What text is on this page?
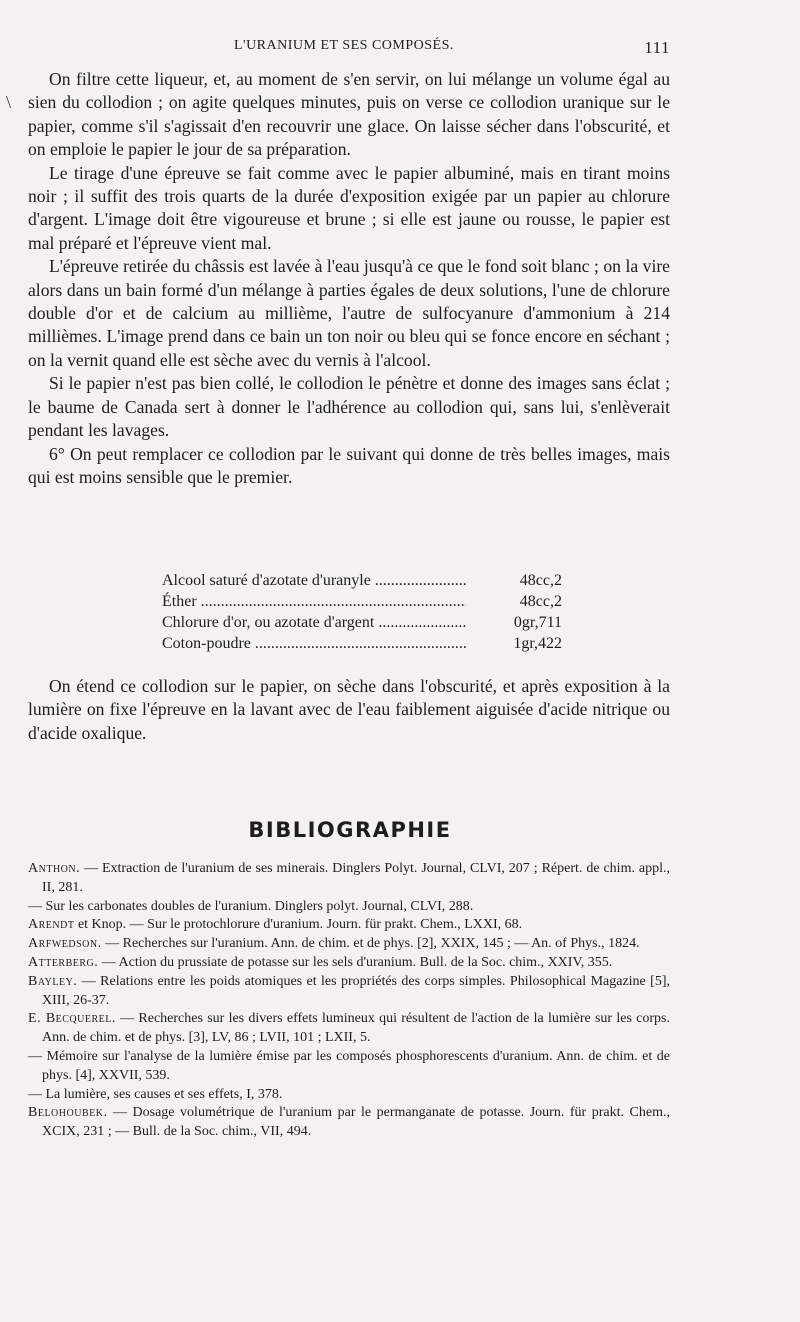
L'URANIUM ET SES COMPOSÉS.	111
\

On filtre cette liqueur, et, au moment de s'en servir, on lui mélange un volume égal au sien du collodion ; on agite quelques minutes, puis on verse ce collodion uranique sur le papier, comme s'il s'agissait d'en recouvrir une glace. On laisse sécher dans l'obscurité, et on emploie le papier le jour de sa préparation.

Le tirage d'une épreuve se fait comme avec le papier albuminé, mais en tirant moins noir ; il suffit des trois quarts de la durée d'exposition exigée par un papier au chlorure d'argent. L'image doit être vigoureuse et brune ; si elle est jaune ou rousse, le papier est mal préparé et l'épreuve vient mal.

L'épreuve retirée du châssis est lavée à l'eau jusqu'à ce que le fond soit blanc ; on la vire alors dans un bain formé d'un mélange à parties égales de deux solutions, l'une de chlorure double d'or et de calcium au millième, l'autre de sulfocyanure d'ammonium à 214 millièmes. L'image prend dans ce bain un ton noir ou bleu qui se fonce encore en séchant ; on la vernit quand elle est sèche avec du vernis à l'alcool.

Si le papier n'est pas bien collé, le collodion le pénètre et donne des images sans éclat ; le baume de Canada sert à donner le l'adhérence au collodion qui, sans lui, s'enlèverait pendant les lavages.

6° On peut remplacer ce collodion par le suivant qui donne de très belles images, mais qui est moins sensible que le premier.

Alcool saturé d'azotate d'uranyle .....	48cc,2
Éther .....	48cc,2
Chlorure d'or, ou azotate d'argent .....	0gr,711
Coton-poudre .....	1gr,422

On étend ce collodion sur le papier, on sèche dans l'obscurité, et après exposition à la lumière on fixe l'épreuve en la lavant avec de l'eau faiblement aiguisée d'acide nitrique ou d'acide oxalique.

BIBLIOGRAPHIE

Anthon. — Extraction de l'uranium de ses minerais. Dinglers Polyt. Journal, CLVI, 207 ; Répert. de chim. appl., II, 281.

— Sur les carbonates doubles de l'uranium. Dinglers polyt. Journal, CLVI, 288.

Arendt et Knop. — Sur le protochlorure d'uranium. Journ. für prakt. Chem., LXXI, 68.

Arfwedson. — Recherches sur l'uranium. Ann. de chim. et de phys. [2], XXIX, 145 ; — An. of Phys., 1824.

Atterberg. — Action du prussiate de potasse sur les sels d'uranium. Bull. de la Soc. chim., XXIV, 355.

Bayley. — Relations entre les poids atomiques et les propriétés des corps simples. Philosophical Magazine [5], XIII, 26-37.

E. Becquerel. — Recherches sur les divers effets lumineux qui résultent de l'action de la lumière sur les corps. Ann. de chim. et de phys. [3], LV, 86 ; LVII, 101 ; LXII, 5.

— Mémoire sur l'analyse de la lumière émise par les composés phosphorescents d'uranium. Ann. de chim. et de phys. [4], XXVII, 539.

— La lumière, ses causes et ses effets, I, 378.

Belohoubek. — Dosage volumétrique de l'uranium par le permanganate de potasse. Journ. für prakt. Chem., XCIX, 231 ; — Bull. de la Soc. chim., VII, 494.
